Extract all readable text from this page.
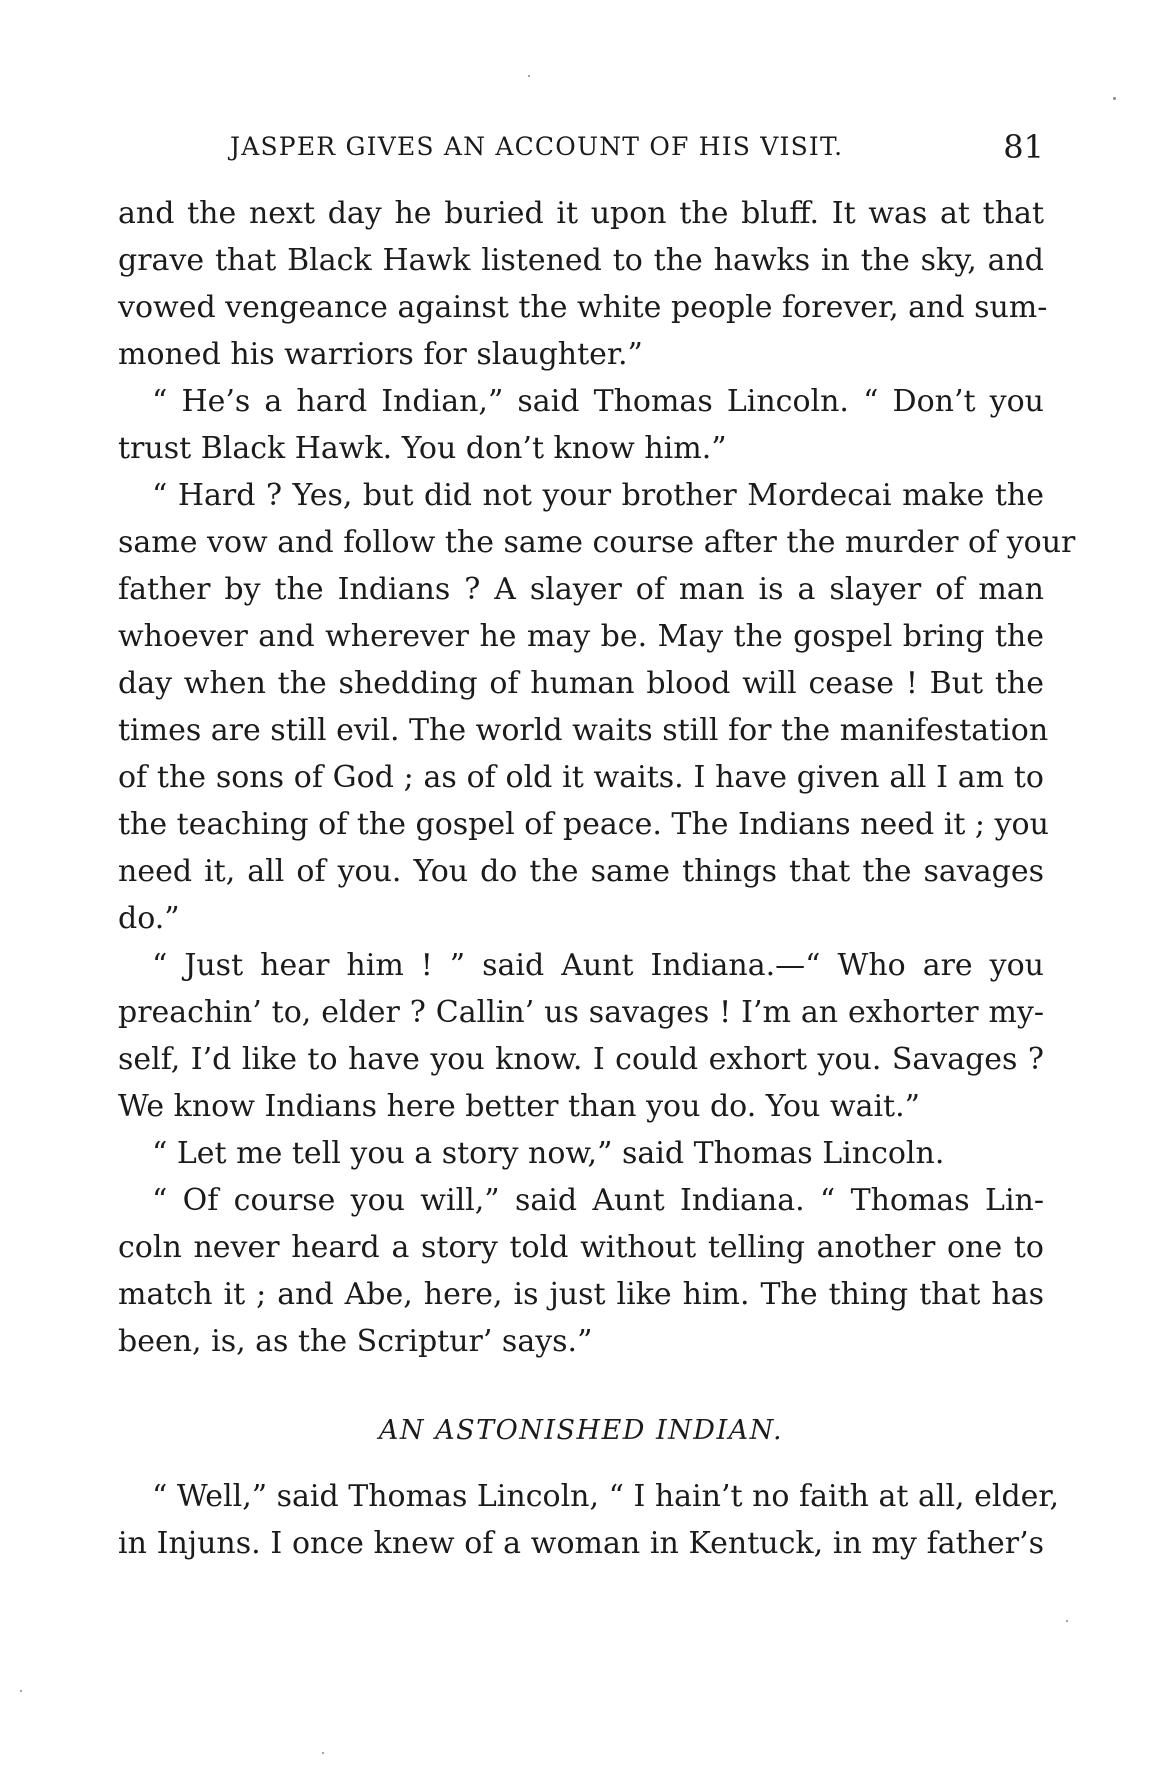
JASPER GIVES AN ACCOUNT OF HIS VISIT.	81
and the next day he buried it upon the bluff. It was at that
grave that Black Hawk listened to the hawks in the sky, and
vowed vengeance against the white people forever, and sum-
moned his warriors for slaughter.”
“ He’s a hard Indian,” said Thomas Lincoln. “ Don’t you
trust Black Hawk. You don’t know him.”
“ Hard ? Yes, but did not your brother Mordecai make the
same vow and follow the same course after the murder of your
father by the Indians ? A slayer of man is a slayer of man
whoever and wherever he may be. May the gospel bring the
day when the shedding of human blood will cease ! But the
times are still evil. The world waits still for the manifestation
of the sons of God ; as of old it waits. I have given all I am to
the teaching of the gospel of peace. The Indians need it ; you
need it, all of you. You do the same things that the savages
do.”
“ Just hear him ! ” said Aunt Indiana.—“ Who are you
preachin’ to, elder ? Callin’ us savages ! I’m an exhorter my-
self, I’d like to have you know. I could exhort you. Savages ?
We know Indians here better than you do. You wait.”
“ Let me tell you a story now,” said Thomas Lincoln.
“ Of course you will,” said Aunt Indiana. “ Thomas Lin-
coln never heard a story told without telling another one to
match it ; and Abe, here, is just like him. The thing that has
been, is, as the Scriptur’ says.”
AN ASTONISHED INDIAN.
“ Well,” said Thomas Lincoln, “ I hain’t no faith at all, elder,
in Injuns. I once knew of a woman in Kentuck, in my father’s
